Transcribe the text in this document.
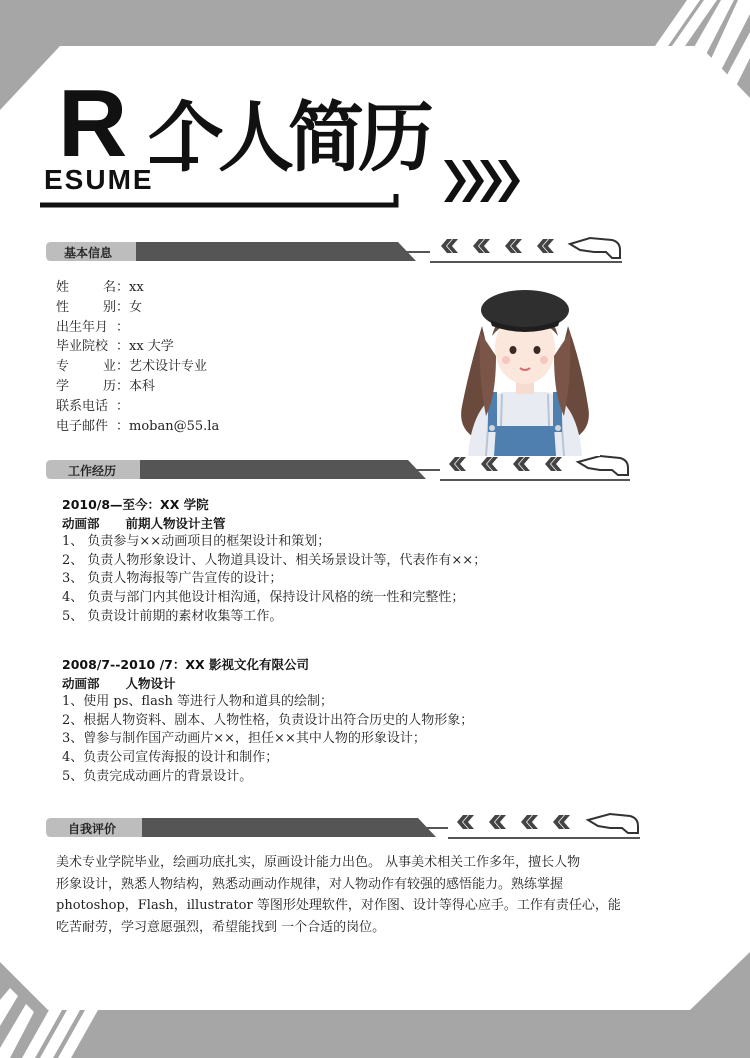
R
ESUME
个人简历
基本信息
工作经历
自我评价
姓	名 ： xx
性	别 ： 女
出生年月 ：
毕业院校 ： xx 大学
专	业 ： 艺术设计专业
学	历 ： 本科
联系电话 ：
电子邮件 ： moban@55.la
2010/8—至今：XX 学院
动画部 前期人物设计主管
1、 负责参与××动画项目的框架设计和策划；
2、 负责人物形象设计、人物道具设计、相关场景设计等，代表作有××；
3、 负责人物海报等广告宣传的设计；
4、 负责与部门内其他设计相沟通，保持设计风格的统一性和完整性；
5、 负责设计前期的素材收集等工作。
2008/7--2010 /7：XX 影视文化有限公司
动画部 人物设计
1、使用 ps、flash 等进行人物和道具的绘制；
2、根据人物资料、剧本、人物性格，负责设计出符合历史的人物形象；
3、曾参与制作国产动画片××，担任××其中人物的形象设计；
4、负责公司宣传海报的设计和制作；
5、负责完成动画片的背景设计。

美术专业学院毕业，绘画功底扎实，原画设计能力出色。 从事美术相关工作多年，擅长人物

形象设计，熟悉人物结构，熟悉动画动作规律，对人物动作有较强的感悟能力。熟练掌握

photoshop，Flash，illustrator 等图形处理软件，对作图、设计等得心应手。工作有责任心，能

吃苦耐劳，学习意愿强烈，希望能找到 一个合适的岗位。
